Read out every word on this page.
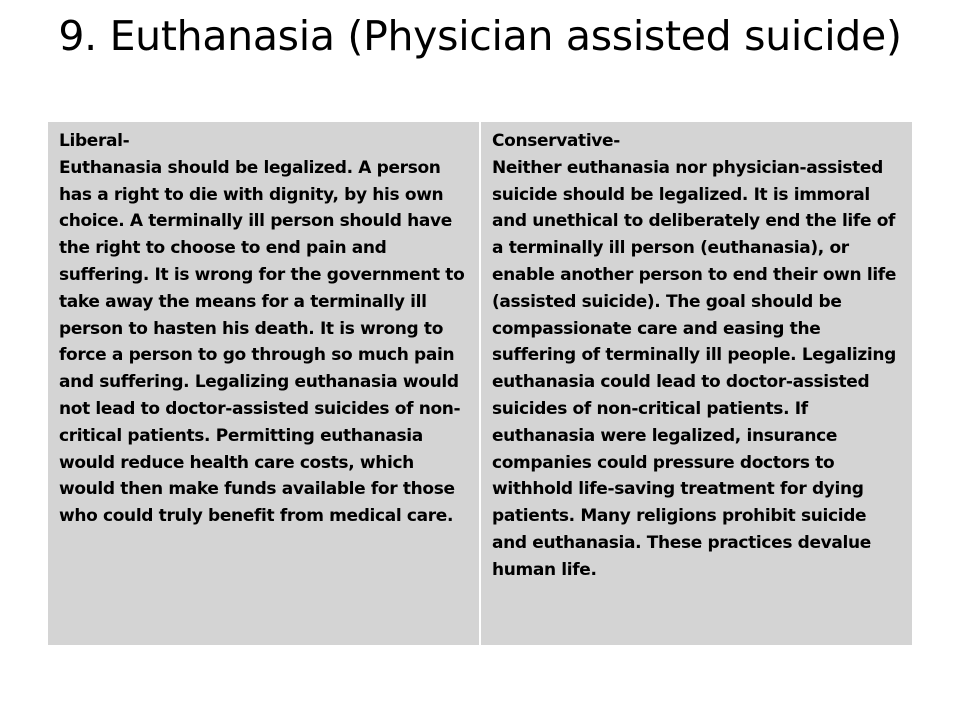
9. Euthanasia (Physician assisted suicide)
Liberal-

Euthanasia should be legalized. A person has a right to die with dignity, by his own choice. A terminally ill person should have the right to choose to end pain and suffering. It is wrong for the government to take away the means for a terminally ill person to hasten his death. It is wrong to force a person to go through so much pain and suffering. Legalizing euthanasia would not lead to doctor-assisted suicides of non-critical patients. Permitting euthanasia would reduce health care costs, which would then make funds available for those who could truly benefit from medical care.

Conservative-

Neither euthanasia nor physician-assisted suicide should be legalized. It is immoral and unethical to deliberately end the life of a terminally ill person (euthanasia), or enable another person to end their own life (assisted suicide). The goal should be compassionate care and easing the suffering of terminally ill people. Legalizing euthanasia could lead to doctor-assisted suicides of non-critical patients. If euthanasia were legalized, insurance companies could pressure doctors to withhold life-saving treatment for dying patients. Many religions prohibit suicide and euthanasia. These practices devalue human life.
